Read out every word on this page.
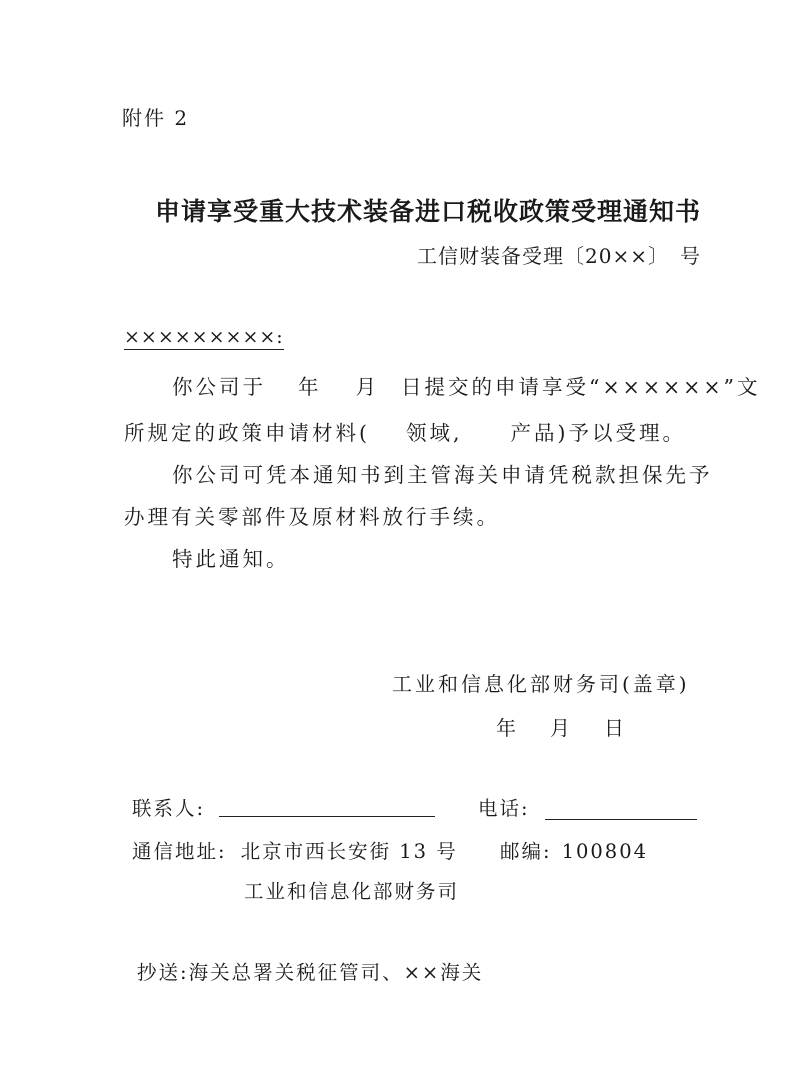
附件 2
申请享受重大技术装备进口税收政策受理通知书
工信财装备受理〔20××〕　号
×××××××××:
你公司于 年 月 日提交的申请享受“××××××”文
所规定的政策申请材料( 领域, 产品)予以受理。
你公司可凭本通知书到主管海关申请凭税款担保先予
办理有关零部件及原材料放行手续。
特此通知。
工业和信息化部财务司(盖章)
年 月 日
联系人:	电话:
通信地址: 北京市西长安街 13 号 邮编: 100804
工业和信息化部财务司
抄送:海关总署关税征管司、××海关
